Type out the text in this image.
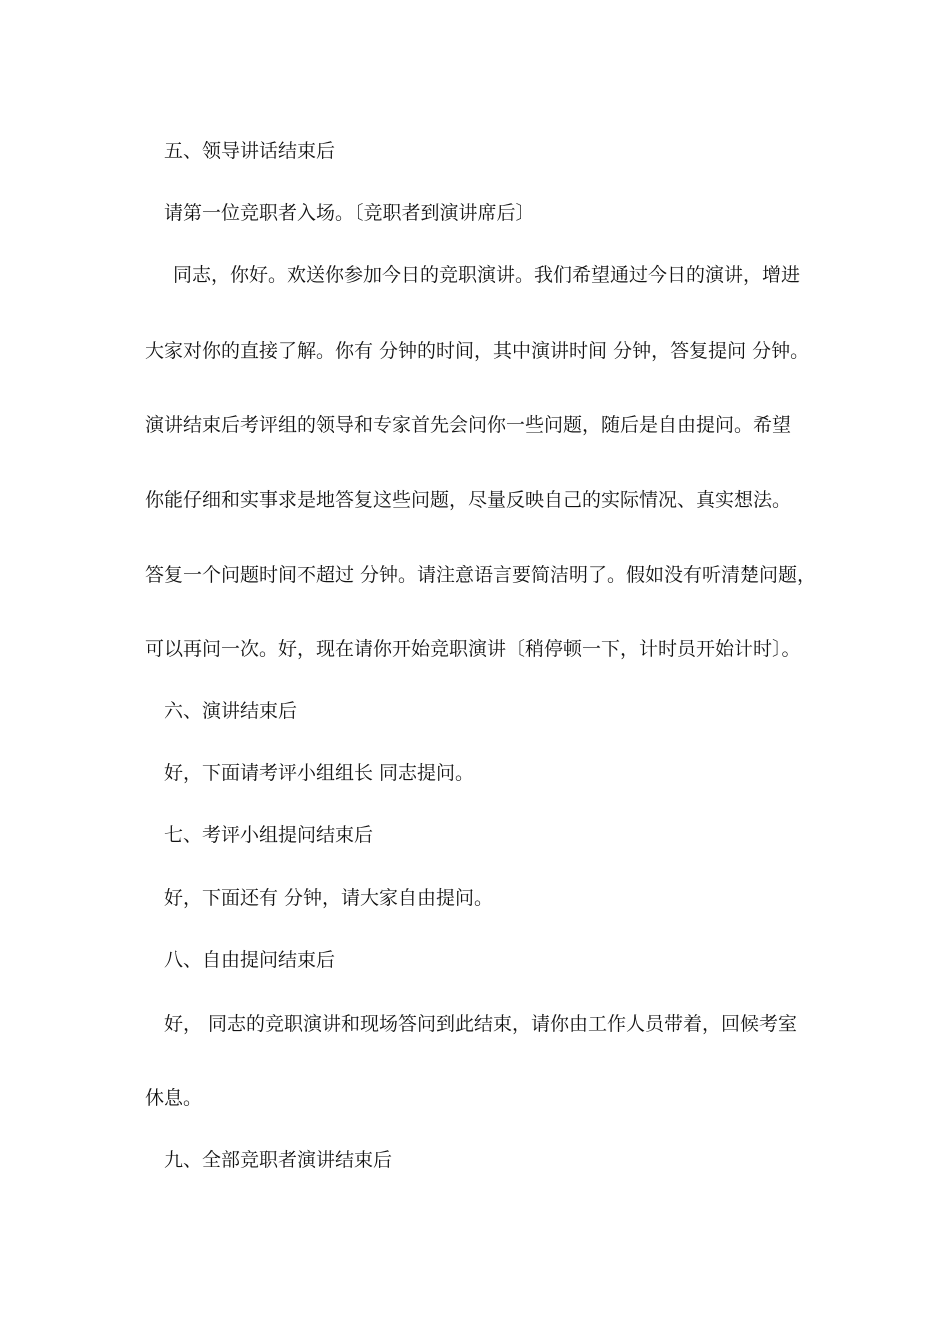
五、领导讲话结束后
请第一位竞职者入场。〔竞职者到演讲席后〕
同志，你好。欢送你参加今日的竞职演讲。我们希望通过今日的演讲，增进
大家对你的直接了解。你有 分钟的时间，其中演讲时间 分钟，答复提问 分钟。
演讲结束后考评组的领导和专家首先会问你一些问题，随后是自由提问。希望
你能仔细和实事求是地答复这些问题，尽量反映自己的实际情况、真实想法。
答复一个问题时间不超过 分钟。请注意语言要简洁明了。假如没有听清楚问题，
可以再问一次。好，现在请你开始竞职演讲〔稍停顿一下，计时员开始计时〕。
六、演讲结束后
好，下面请考评小组组长 同志提问。
七、考评小组提问结束后
好，下面还有 分钟，请大家自由提问。
八、自由提问结束后
好， 同志的竞职演讲和现场答问到此结束，请你由工作人员带着，回候考室
休息。
九、全部竞职者演讲结束后
